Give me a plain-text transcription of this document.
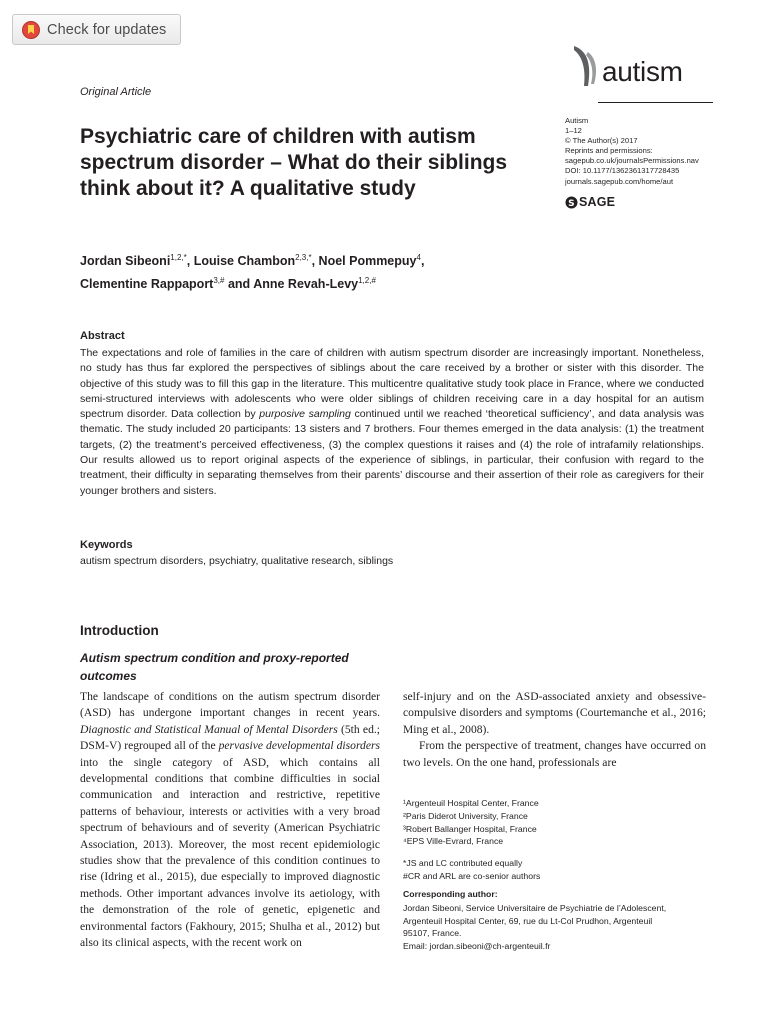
Check for updates
autism
Original Article
Psychiatric care of children with autism spectrum disorder – What do their siblings think about it? A qualitative study
Autism
1–12
© The Author(s) 2017
Reprints and permissions:
sagepub.co.uk/journalsPermissions.nav
DOI: 10.1177/1362361317728435
journals.sagepub.com/home/aut
S SAGE
Jordan Sibeoni$^{1,2,*}$, Louise Chambon$^{2,3,*}$, Noel Pommepuy$^4$,
Clementine Rappaport$^{3,\#}$ and Anne Revah-Levy$^{1,2,\#}$
Abstract

The expectations and role of families in the care of children with autism spectrum disorder are increasingly important. Nonetheless, no study has thus far explored the perspectives of siblings about the care received by a brother or sister with this disorder. The objective of this study was to fill this gap in the literature. This multicentre qualitative study took place in France, where we conducted semi-structured interviews with adolescents who were older siblings of children receiving care in a day hospital for an autism spectrum disorder. Data collection by purposive sampling continued until we reached ‘theoretical sufficiency’, and data analysis was thematic. The study included 20 participants: 13 sisters and 7 brothers. Four themes emerged in the data analysis: (1) the treatment targets, (2) the treatment’s perceived effectiveness, (3) the complex questions it raises and (4) the role of intrafamily relationships. Our results allowed us to report original aspects of the experience of siblings, in particular, their confusion with regard to the treatment, their difficulty in separating themselves from their parents’ discourse and their assertion of their role as caregivers for their younger brothers and sisters.

Keywords
autism spectrum disorders, psychiatry, qualitative research, siblings
Introduction
Autism spectrum condition and proxy-reported outcomes

The landscape of conditions on the autism spectrum disorder (ASD) has undergone important changes in recent years. Diagnostic and Statistical Manual of Mental Disorders (5th ed.; DSM-V) regrouped all of the pervasive developmental disorders into the single category of ASD, which contains all developmental conditions that combine difficulties in social communication and interaction and restrictive, repetitive patterns of behaviour, interests or activities with a very broad spectrum of behaviours and of severity (American Psychiatric Association, 2013). Moreover, the most recent epidemiologic studies show that the prevalence of this condition continues to rise (Idring et al., 2015), due especially to improved diagnostic methods. Other important advances involve its aetiology, with the demonstration of the role of genetic, epigenetic and environmental factors (Fakhoury, 2015; Shulha et al., 2012) but also its clinical aspects, with the recent work on

self-injury and on the ASD-associated anxiety and obsessive-compulsive disorders and symptoms (Courtemanche et al., 2016; Ming et al., 2008).

From the perspective of treatment, changes have occurred on two levels. On the one hand, professionals are

¹Argenteuil Hospital Center, France
²Paris Diderot University, France
³Robert Ballanger Hospital, France
⁴EPS Ville-Evrard, France
*JS and LC contributed equally
#CR and ARL are co-senior authors
Corresponding author:
Jordan Sibeoni, Service Universitaire de Psychiatrie de l’Adolescent,
Argenteuil Hospital Center, 69, rue du Lt-Col Prudhon, Argenteuil
95107, France.
Email: jordan.sibeoni@ch-argenteuil.fr
